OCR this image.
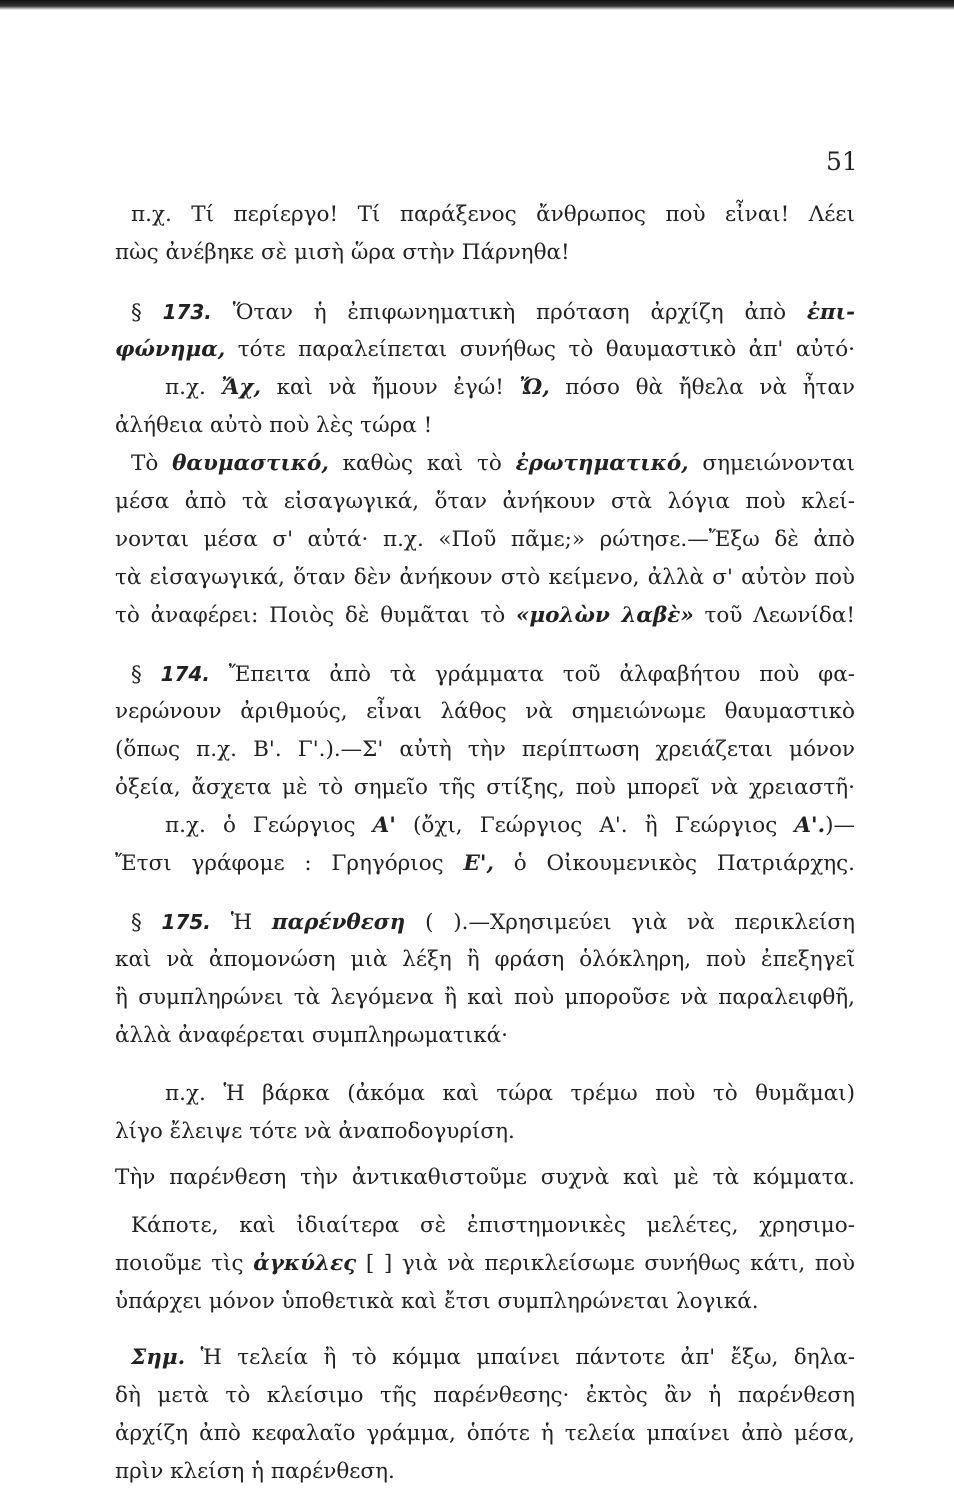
51
π.χ. Τί περίεργο! Τί παράξενος ἄνθρωπος ποὺ εἶναι! Λέει
πὼς ἀνέβηκε σὲ μισὴ ὥρα στὴν Πάρνηθα!
§ 173. Ὅταν ἡ ἐπιφωνηματικὴ πρόταση ἀρχίζη ἀπὸ ἐπι-
φώνημα, τότε παραλείπεται συνήθως τὸ θαυμαστικὸ ἀπ' αὐτό·
π.χ. Ἄχ, καὶ νὰ ἤμουν ἐγώ! Ὤ, πόσο θὰ ἤθελα νὰ ἦταν
ἀλήθεια αὐτὸ ποὺ λὲς τώρα !
Τὸ θαυμαστικό, καθὼς καὶ τὸ ἐρωτηματικό, σημειώνονται
μέσα ἀπὸ τὰ εἰσαγωγικά, ὅταν ἀνήκουν στὰ λόγια ποὺ κλεί-
νονται μέσα σ' αὐτά· π.χ. «Ποῦ πᾶμε;» ρώτησε.—Ἔξω δὲ ἀπὸ
τὰ εἰσαγωγικά, ὅταν δὲν ἀνήκουν στὸ κείμενο, ἀλλὰ σ' αὐτὸν ποὺ
τὸ ἀναφέρει: Ποιὸς δὲ θυμᾶται τὸ «μολὼν λαβὲ» τοῦ Λεωνίδα!
§ 174. Ἔπειτα ἀπὸ τὰ γράμματα τοῦ ἀλφαβήτου ποὺ φα-
νερώνουν ἀριθμούς, εἶναι λάθος νὰ σημειώνωμε θαυμαστικὸ
(ὅπως π.χ. Β'. Γ'.).—Σ' αὐτὴ τὴν περίπτωση χρειάζεται μόνον
ὀξεία, ἄσχετα μὲ τὸ σημεῖο τῆς στίξης, ποὺ μπορεῖ νὰ χρειαστῆ·
π.χ. ὁ Γεώργιος Α' (ὄχι, Γεώργιος Α'. ἢ Γεώργιος Α'.)—
Ἔτσι γράφομε : Γρηγόριος Ε', ὁ Οἰκουμενικὸς Πατριάρχης.
§ 175. Ἡ παρένθεση ( ).—Χρησιμεύει γιὰ νὰ περικλείση
καὶ νὰ ἀπομονώση μιὰ λέξη ἢ φράση ὁλόκληρη, ποὺ ἐπεξηγεῖ
ἢ συμπληρώνει τὰ λεγόμενα ἢ καὶ ποὺ μποροῦσε νὰ παραλειφθῆ,
ἀλλὰ ἀναφέρεται συμπληρωματικά·
π.χ. Ἡ βάρκα (ἀκόμα καὶ τώρα τρέμω ποὺ τὸ θυμᾶμαι)
λίγο ἔλειψε τότε νὰ ἀναποδογυρίση.
Τὴν παρένθεση τὴν ἀντικαθιστοῦμε συχνὰ καὶ μὲ τὰ κόμματα.
Κάποτε, καὶ ἰδιαίτερα σὲ ἐπιστημονικὲς μελέτες, χρησιμο-
ποιοῦμε τὶς ἀγκύλες [ ] γιὰ νὰ περικλείσωμε συνήθως κάτι, ποὺ
ὑπάρχει μόνον ὑποθετικὰ καὶ ἔτσι συμπληρώνεται λογικά.
Σημ. Ἡ τελεία ἢ τὸ κόμμα μπαίνει πάντοτε ἀπ' ἔξω, δηλα-
δὴ μετὰ τὸ κλείσιμο τῆς παρένθεσης· ἐκτὸς ἂν ἡ παρένθεση
ἀρχίζη ἀπὸ κεφαλαῖο γράμμα, ὁπότε ἡ τελεία μπαίνει ἀπὸ μέσα,
πρὶν κλείση ἡ παρένθεση.
